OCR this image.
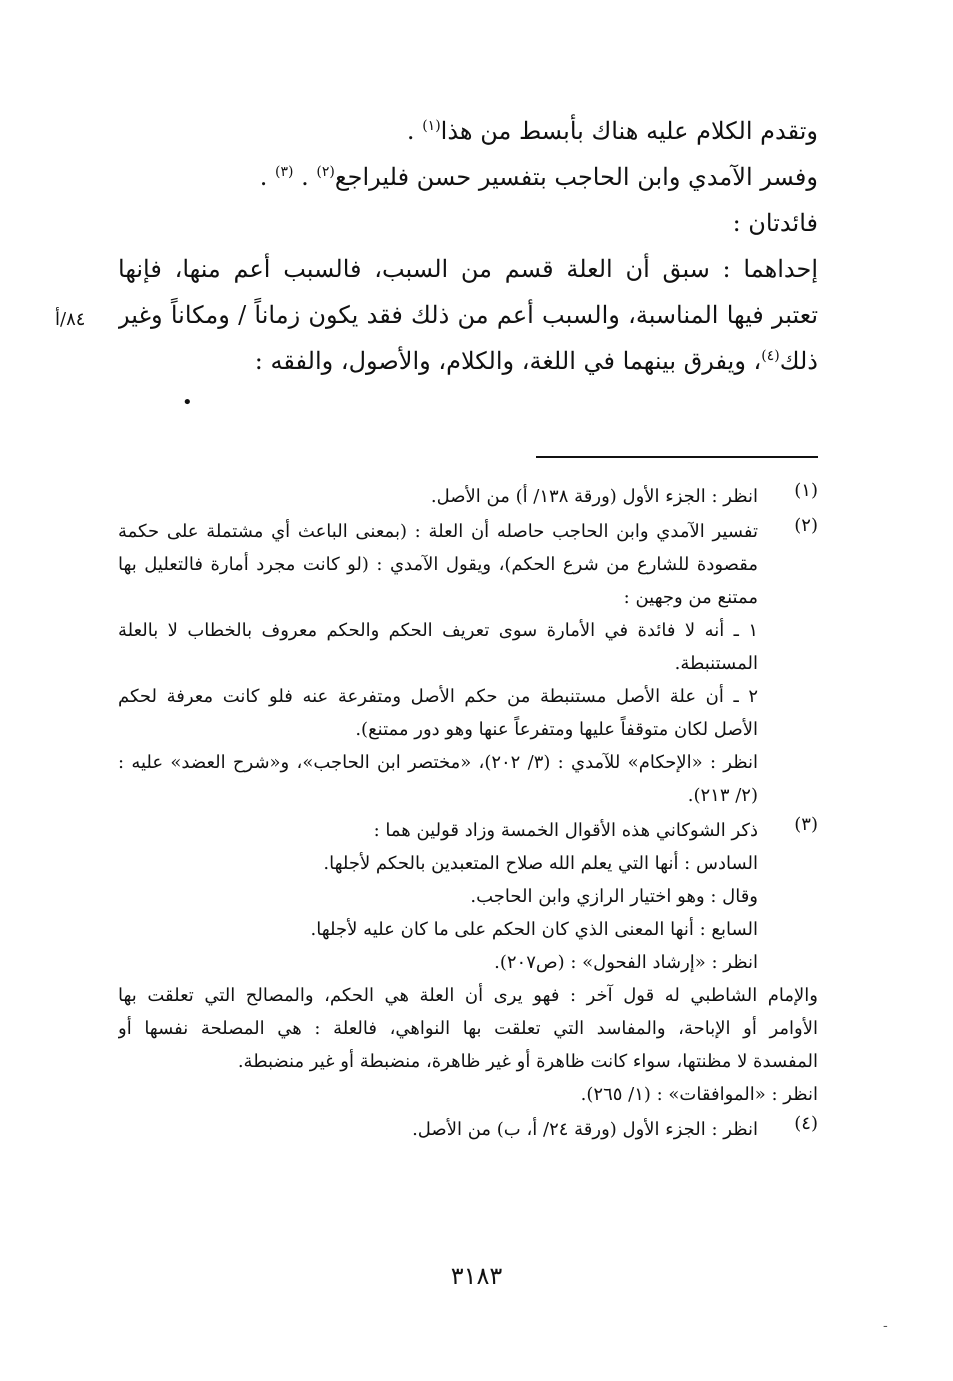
وتقدم الكلام عليه هناك بأبسط من هذا$^{(١)}$ .
وفسر الآمدي وابن الحاجب بتفسير حسن فليراجع$^{(٢)}$ . $^{(٣)}$ .
فائدتان :
إحداهما : سبق أن العلة قسم من السبب، فالسبب أعم منها، فإنها
تعتبر فيها المناسبة، والسبب أعم من ذلك فقد يكون زماناً / ومكاناً وغير
ذلك$^{(٤)}$، ويفرق بينهما في اللغة، والكلام، والأصول، والفقه :
٨٤/أ
•
(١)
انظر : الجزء الأول (ورقة ١٣٨/ أ) من الأصل.
(٢)
تفسير الآمدي وابن الحاجب حاصله أن العلة : (بمعنى الباعث أي مشتملة على حكمة
مقصودة للشارع من شرع الحكم)، ويقول الآمدي : (لو كانت مجرد أمارة فالتعليل بها
ممتنع من وجهين :
١ ـ أنه لا فائدة في الأمارة سوى تعريف الحكم والحكم معروف بالخطاب لا بالعلة
المستنبطة.
٢ ـ أن علة الأصل مستنبطة من حكم الأصل ومتفرعة عنه فلو كانت معرفة لحكم
الأصل لكان متوقفاً عليها ومتفرعاً عنها وهو دور ممتنع).
انظر : «الإحكام» للآمدي : (٣/ ٢٠٢)، «مختصر ابن الحاجب»، و«شرح العضد» عليه :
(٢/ ٢١٣).
(٣)
ذكر الشوكاني هذه الأقوال الخمسة وزاد قولين هما :
السادس : أنها التي يعلم الله صلاح المتعبدين بالحكم لأجلها.
وقال : وهو اختيار الرازي وابن الحاجب.
السابع : أنها المعنى الذي كان الحكم على ما كان عليه لأجلها.
انظر : «إرشاد الفحول» : (ص٢٠٧).
والإمام الشاطبي له قول آخر : فهو يرى أن العلة هي الحكم، والمصالح التي تعلقت بها
الأوامر أو الإباحة، والمفاسد التي تعلقت بها النواهي، فالعلة : هي المصلحة نفسها أو
المفسدة لا مظنتها، سواء كانت ظاهرة أو غير ظاهرة، منضبطة أو غير منضبطة.
انظر : «الموافقات» : (١/ ٢٦٥).
(٤)
انظر : الجزء الأول (ورقة ٢٤/ أ، ب) من الأصل.
٣١٨٣
-
